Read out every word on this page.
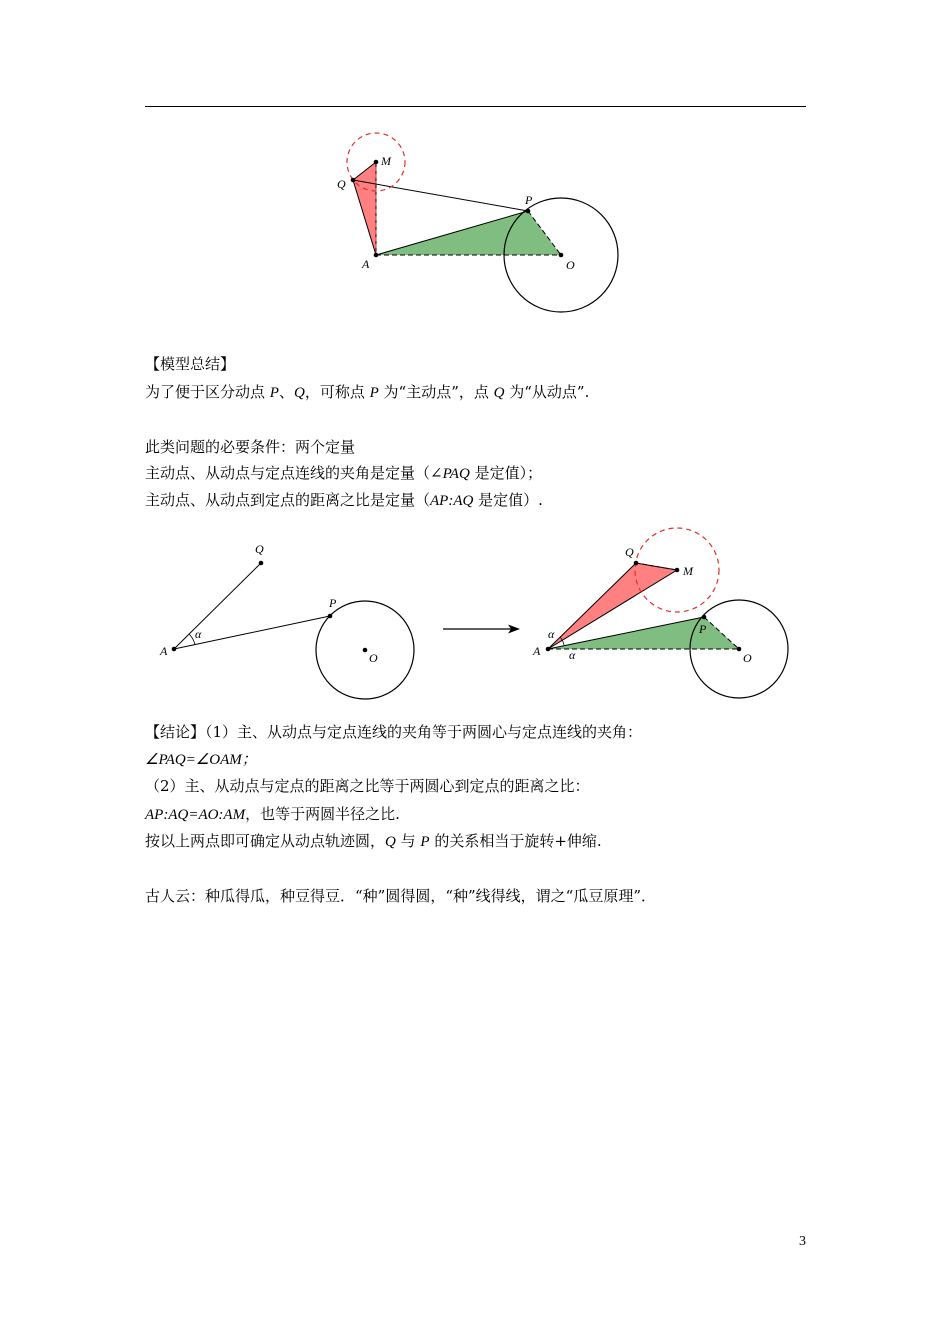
M
Q
P
A	O
【模型总结】
为了便于区分动点 P、Q，可称点 P 为“主动点”，点 Q 为“从动点”.
此类问题的必要条件：两个定量
主动点、从动点与定点连线的夹角是定量（∠PAQ 是定值）；
主动点、从动点到定点的距离之比是定量（AP:AQ 是定值）.
Q
P
A	O
α
Q
M
P
A	O
α
α
【结论】（1）主、从动点与定点连线的夹角等于两圆心与定点连线的夹角：
∠PAQ=∠OAM；
（2）主、从动点与定点的距离之比等于两圆心到定点的距离之比：
AP:AQ=AO:AM，也等于两圆半径之比.
按以上两点即可确定从动点轨迹圆，Q 与 P 的关系相当于旋转+伸缩.
古人云：种瓜得瓜，种豆得豆．“种”圆得圆，“种”线得线，谓之“瓜豆原理”．
3
